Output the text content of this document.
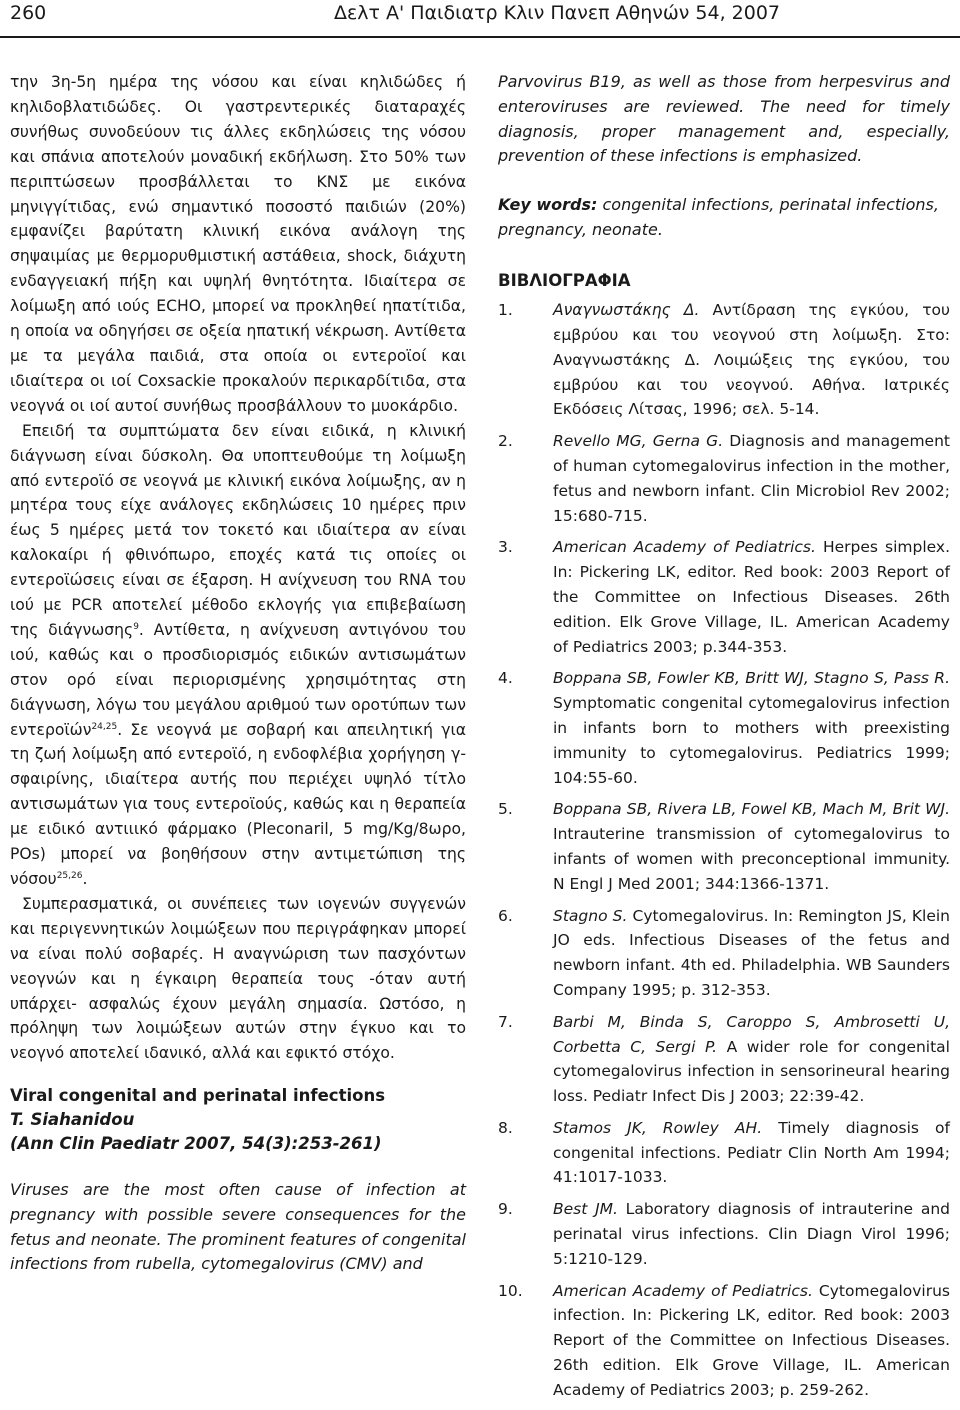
260	Δελτ Α' Παιδιατρ Κλιν Πανεπ Αθηνών 54, 2007

την 3η-5η ημέρα της νόσου και είναι κηλιδώδες ή κηλιδοβλατιδώδες. Οι γαστρεντερικές διαταραχές συνήθως συνοδεύουν τις άλλες εκδηλώσεις της νόσου και σπάνια αποτελούν μοναδική εκδήλωση. Στο 50% των περιπτώσεων προσβάλλεται το ΚΝΣ με εικόνα μηνιγγίτιδας, ενώ σημαντικό ποσοστό παιδιών (20%) εμφανίζει βαρύτατη κλινική εικόνα ανάλογη της σηψαιμίας με θερμορυθμιστική αστάθεια, shock, διάχυτη ενδαγγειακή πήξη και υψηλή θνητότητα. Ιδιαίτερα σε λοίμωξη από ιούς ECHO, μπορεί να προκληθεί ηπατίτιδα, η οποία να οδηγήσει σε οξεία ηπατική νέκρωση. Αντίθετα με τα μεγάλα παιδιά, στα οποία οι εντεροϊοί και ιδιαίτερα οι ιοί Coxsackie προκαλούν περικαρδίτιδα, στα νεογνά οι ιοί αυτοί συνήθως προσβάλλουν το μυοκάρδιο.

Επειδή τα συμπτώματα δεν είναι ειδικά, η κλινική διάγνωση είναι δύσκολη. Θα υποπτευθούμε τη λοίμωξη από εντεροϊό σε νεογνά με κλινική εικόνα λοίμωξης, αν η μητέρα τους είχε ανάλογες εκδηλώσεις 10 ημέρες πριν έως 5 ημέρες μετά τον τοκετό και ιδιαίτερα αν είναι καλοκαίρι ή φθινόπωρο, εποχές κατά τις οποίες οι εντεροϊώσεις είναι σε έξαρση. Η ανίχνευση του RNA του ιού με PCR αποτελεί μέθοδο εκλογής για επιβεβαίωση της διάγνωσης$^9$. Αντίθετα, η ανίχνευση αντιγόνου του ιού, καθώς και ο προσδιορισμός ειδικών αντισωμάτων στον ορό είναι περιορισμένης χρησιμότητας στη διάγνωση, λόγω του μεγάλου αριθμού των οροτύπων των εντεροϊών$^{24,25}$. Σε νεογνά με σοβαρή και απειλητική για τη ζωή λοίμωξη από εντεροϊό, η ενδοφλέβια χορήγηση γ-σφαιρίνης, ιδιαίτερα αυτής που περιέχει υψηλό τίτλο αντισωμάτων για τους εντεροϊούς, καθώς και η θεραπεία με ειδικό αντιιικό φάρμακο (Pleconaril, 5 mg/Kg/8ωρο, POs) μπορεί να βοηθήσουν στην αντιμετώπιση της νόσου$^{25,26}$.

Συμπερασματικά, οι συνέπειες των ιογενών συγγενών και περιγεννητικών λοιμώξεων που περιγράφηκαν μπορεί να είναι πολύ σοβαρές. Η αναγνώριση των πασχόντων νεογνών και η έγκαιρη θεραπεία τους -όταν αυτή υπάρχει- ασφαλώς έχουν μεγάλη σημασία. Ωστόσο, η πρόληψη των λοιμώξεων αυτών στην έγκυο και το νεογνό αποτελεί ιδανικό, αλλά και εφικτό στόχο.

Viral congenital and perinatal infections
T. Siahanidou
(Ann Clin Paediatr 2007, 54(3):253-261)
Viruses are the most often cause of infection at pregnancy with possible severe consequences for the fetus and neonate. The prominent features of congenital infections from rubella, cytomegalovirus (CMV) and
Parvovirus B19, as well as those from herpesvirus and enteroviruses are reviewed. The need for timely diagnosis, proper management and, especially, prevention of these infections is emphasized.
Key words: congenital infections, perinatal infections, pregnancy, neonate.
ΒΙΒΛΙΟΓΡΑΦΙΑ
1.	Αναγνωστάκης Δ. Αντίδραση της εγκύου, του εμβρύου και του νεογνού στη λοίμωξη. Στο: Αναγνωστάκης Δ. Λοιμώξεις της εγκύου, του εμβρύου και του νεογνού. Αθήνα. Ιατρικές Εκδόσεις Λίτσας, 1996; σελ. 5-14.
2.	Revello MG, Gerna G. Diagnosis and management of human cytomegalovirus infection in the mother, fetus and newborn infant. Clin Microbiol Rev 2002; 15:680-715.
3.	American Academy of Pediatrics. Herpes simplex. In: Pickering LK, editor. Red book: 2003 Report of the Committee on Infectious Diseases. 26th edition. Elk Grove Village, IL. American Academy of Pediatrics 2003; p.344-353.
4.	Boppana SB, Fowler KB, Britt WJ, Stagno S, Pass R. Symptomatic congenital cytomegalovirus infection in infants born to mothers with preexisting immunity to cytomegalovirus. Pediatrics 1999; 104:55-60.
5.	Boppana SB, Rivera LB, Fowel KB, Mach M, Brit WJ. Intrauterine transmission of cytomegalovirus to infants of women with preconceptional immunity. N Engl J Med 2001; 344:1366-1371.
6.	Stagno S. Cytomegalovirus. In: Remington JS, Klein JO eds. Infectious Diseases of the fetus and newborn infant. 4th ed. Philadelphia. WB Saunders Company 1995; p. 312-353.
7.	Barbi M, Binda S, Caroppo S, Ambrosetti U, Corbetta C, Sergi P. A wider role for congenital cytomegalovirus infection in sensorineural hearing loss. Pediatr Infect Dis J 2003; 22:39-42.
8.	Stamos JK, Rowley AH. Timely diagnosis of congenital infections. Pediatr Clin North Am 1994; 41:1017-1033.
9.	Best JM. Laboratory diagnosis of intrauterine and perinatal virus infections. Clin Diagn Virol 1996; 5:1210-129.
10. American Academy of Pediatrics. Cytomegalovirus infection. In: Pickering LK, editor. Red book: 2003 Report of the Committee on Infectious Diseases. 26th edition. Elk Grove Village, IL. American Academy of Pediatrics 2003; p. 259-262.
